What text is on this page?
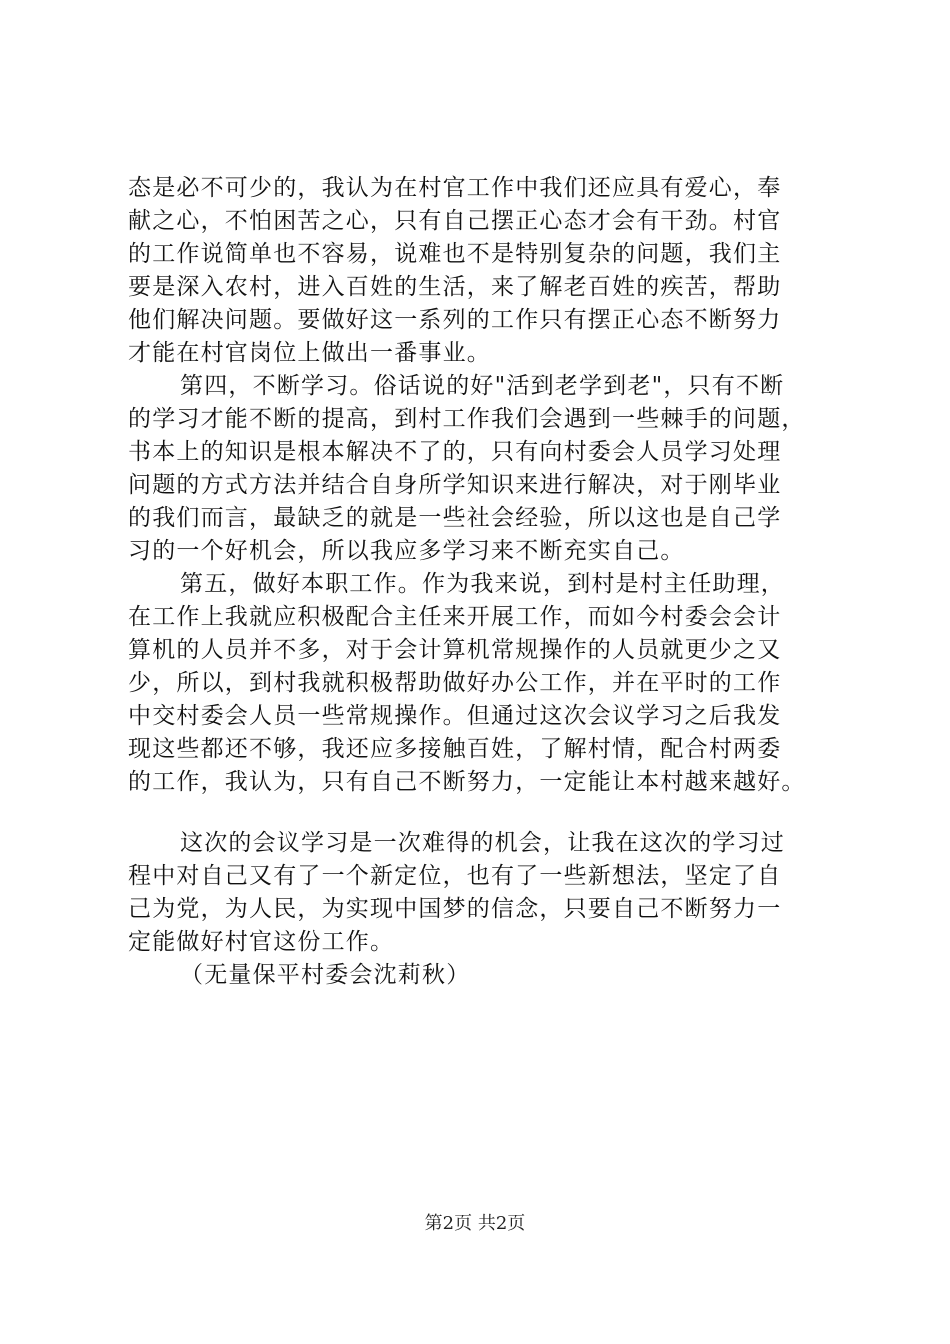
态是必不可少的，我认为在村官工作中我们还应具有爱心，奉
献之心，不怕困苦之心，只有自己摆正心态才会有干劲。村官
的工作说简单也不容易，说难也不是特别复杂的问题，我们主
要是深入农村，进入百姓的生活，来了解老百姓的疾苦，帮助
他们解决问题。要做好这一系列的工作只有摆正心态不断努力
才能在村官岗位上做出一番事业。
第四，不断学习。俗话说的好"活到老学到老"，只有不断
的学习才能不断的提高，到村工作我们会遇到一些棘手的问题，
书本上的知识是根本解决不了的，只有向村委会人员学习处理
问题的方式方法并结合自身所学知识来进行解决，对于刚毕业
的我们而言，最缺乏的就是一些社会经验，所以这也是自己学
习的一个好机会，所以我应多学习来不断充实自己。
第五，做好本职工作。作为我来说，到村是村主任助理，
在工作上我就应积极配合主任来开展工作，而如今村委会会计
算机的人员并不多，对于会计算机常规操作的人员就更少之又
少，所以，到村我就积极帮助做好办公工作，并在平时的工作
中交村委会人员一些常规操作。但通过这次会议学习之后我发
现这些都还不够，我还应多接触百姓，了解村情，配合村两委
的工作，我认为，只有自己不断努力，一定能让本村越来越好。
这次的会议学习是一次难得的机会，让我在这次的学习过
程中对自己又有了一个新定位，也有了一些新想法，坚定了自
己为党，为人民，为实现中国梦的信念，只要自己不断努力一
定能做好村官这份工作。
（无量保平村委会沈莉秋）
第2页 共2页
